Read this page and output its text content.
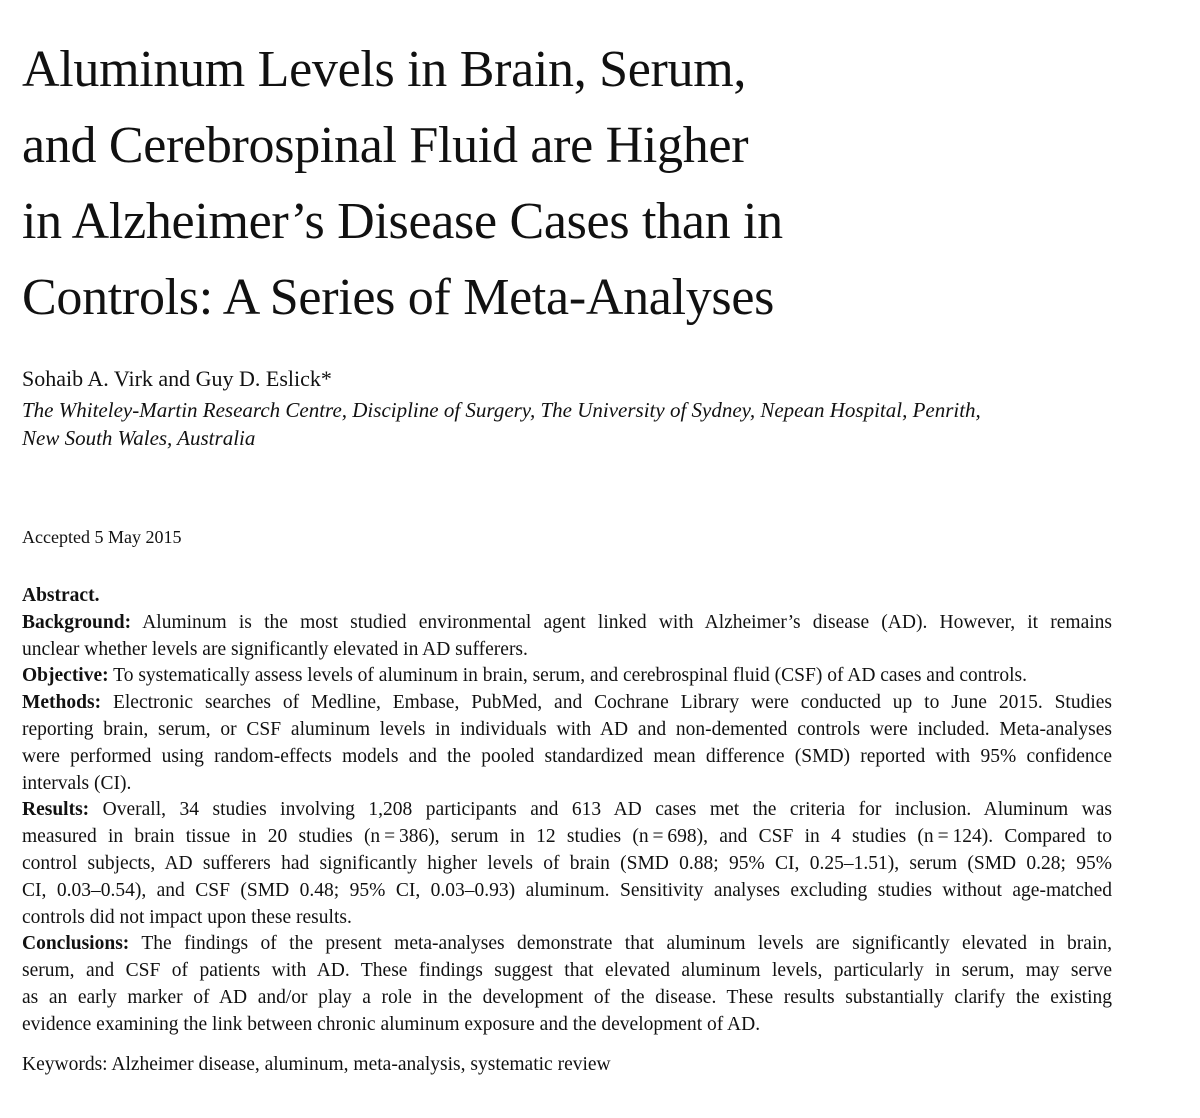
Aluminum Levels in Brain, Serum,
and Cerebrospinal Fluid are Higher
in Alzheimer’s Disease Cases than in
Controls: A Series of Meta-Analyses
Sohaib A. Virk and Guy D. Eslick*
The Whiteley-Martin Research Centre, Discipline of Surgery, The University of Sydney, Nepean Hospital, Penrith,
New South Wales, Australia
Accepted 5 May 2015
Abstract.
Background: Aluminum is the most studied environmental agent linked with Alzheimer’s disease (AD). However, it remains
unclear whether levels are significantly elevated in AD sufferers.
Objective: To systematically assess levels of aluminum in brain, serum, and cerebrospinal fluid (CSF) of AD cases and controls.
Methods: Electronic searches of Medline, Embase, PubMed, and Cochrane Library were conducted up to June 2015. Studies
reporting brain, serum, or CSF aluminum levels in individuals with AD and non-demented controls were included. Meta-analyses
were performed using random-effects models and the pooled standardized mean difference (SMD) reported with 95% confidence
intervals (CI).
Results: Overall, 34 studies involving 1,208 participants and 613 AD cases met the criteria for inclusion. Aluminum was
measured in brain tissue in 20 studies (n = 386), serum in 12 studies (n = 698), and CSF in 4 studies (n = 124). Compared to
control subjects, AD sufferers had significantly higher levels of brain (SMD 0.88; 95% CI, 0.25–1.51), serum (SMD 0.28; 95%
CI, 0.03–0.54), and CSF (SMD 0.48; 95% CI, 0.03–0.93) aluminum. Sensitivity analyses excluding studies without age-matched
controls did not impact upon these results.
Conclusions: The findings of the present meta-analyses demonstrate that aluminum levels are significantly elevated in brain,
serum, and CSF of patients with AD. These findings suggest that elevated aluminum levels, particularly in serum, may serve
as an early marker of AD and/or play a role in the development of the disease. These results substantially clarify the existing
evidence examining the link between chronic aluminum exposure and the development of AD.
Keywords: Alzheimer disease, aluminum, meta-analysis, systematic review
